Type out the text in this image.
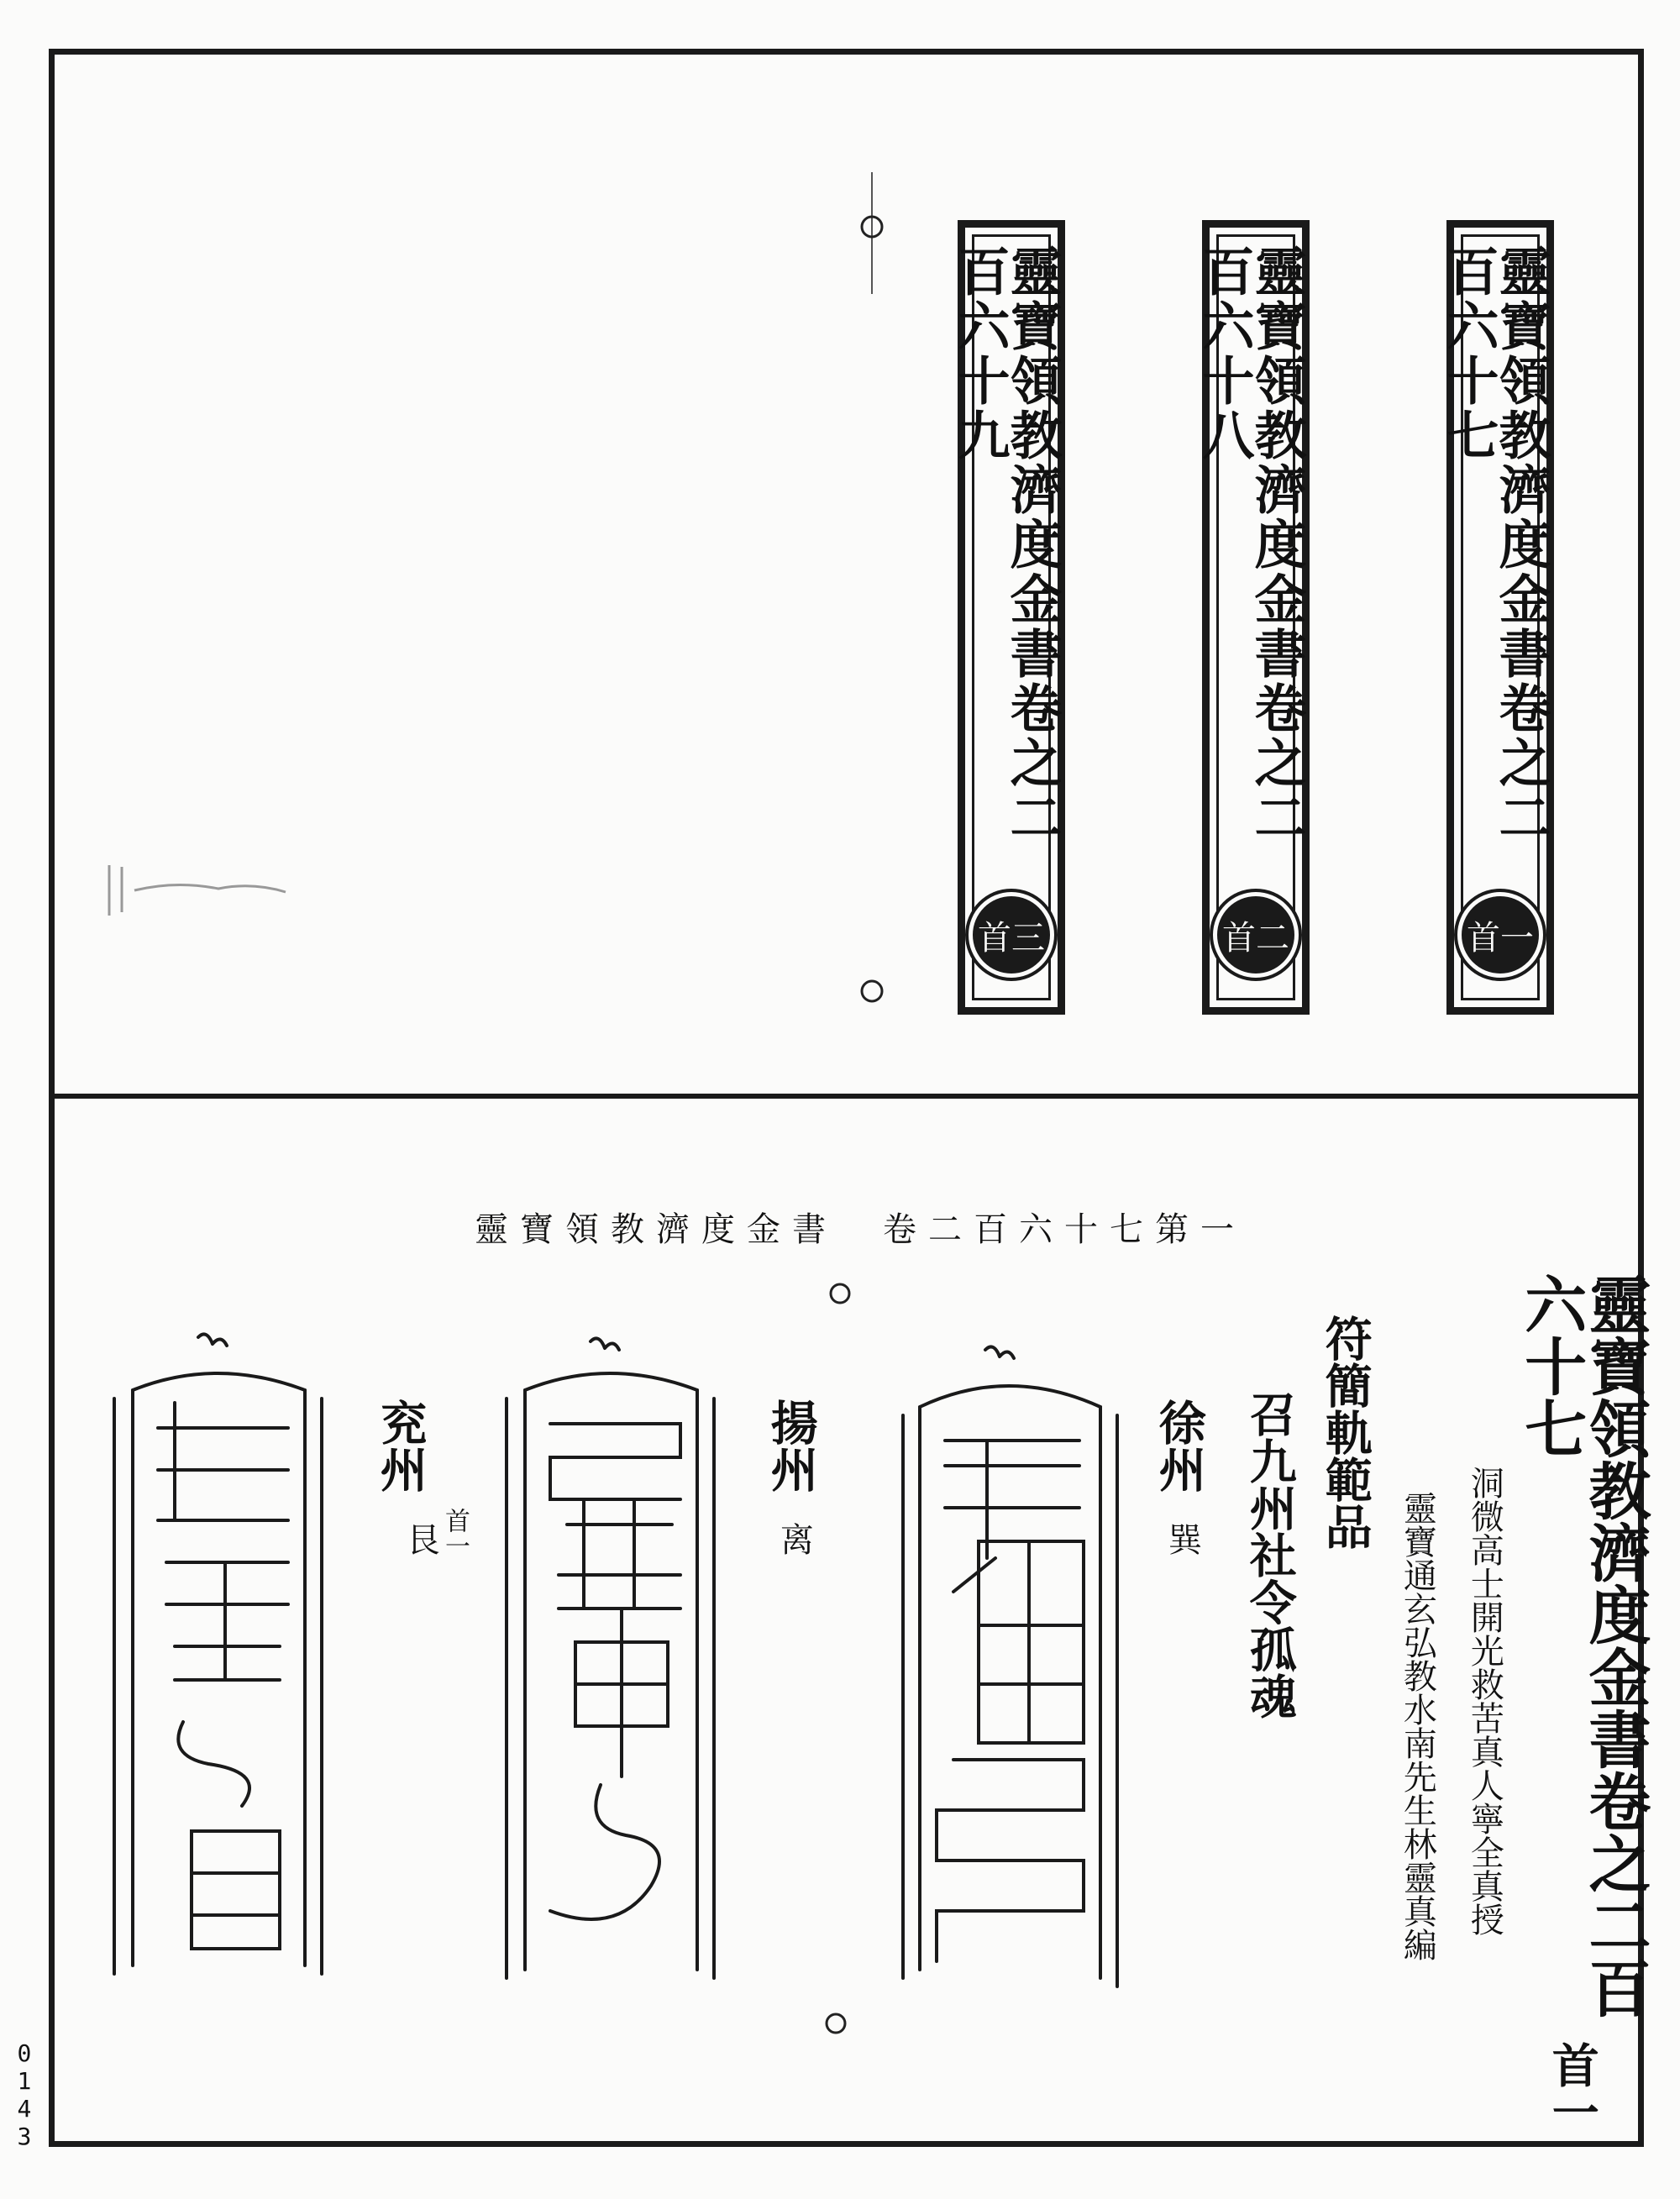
靈寶領教濟度金書卷之二百六十七
首一
靈寶領教濟度金書卷之二百六十八
首二
靈寶領教濟度金書卷之二百六十九
首三
靈寶領教濟度金書　卷二百六十七第一
靈寶領教濟度金書卷之二百六十七
首一
洞微高士開光救苦真人寧全真授
靈寶通玄弘教水南先生林靈真編
符簡軌範品
召九州社令孤魂
徐州
巽
揚州
离
兖州
艮 首一
0143
